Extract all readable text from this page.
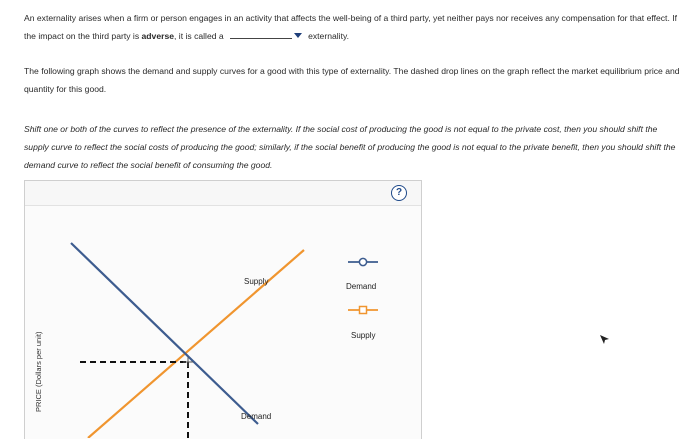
An externality arises when a firm or person engages in an activity that affects the well-being of a third party, yet neither pays nor receives any compensation for that effect. If the impact on the third party is adverse, it is called a	externality.
The following graph shows the demand and supply curves for a good with this type of externality. The dashed drop lines on the graph reflect the market equilibrium price and quantity for this good.
Shift one or both of the curves to reflect the presence of the externality. If the social cost of producing the good is not equal to the private cost, then you should shift the supply curve to reflect the social costs of producing the good; similarly, if the social benefit of producing the good is not equal to the private benefit, then you should shift the demand curve to reflect the social benefit of consuming the good.
?
PRICE (Dollars per unit)
Supply
Demand
Demand
Supply
